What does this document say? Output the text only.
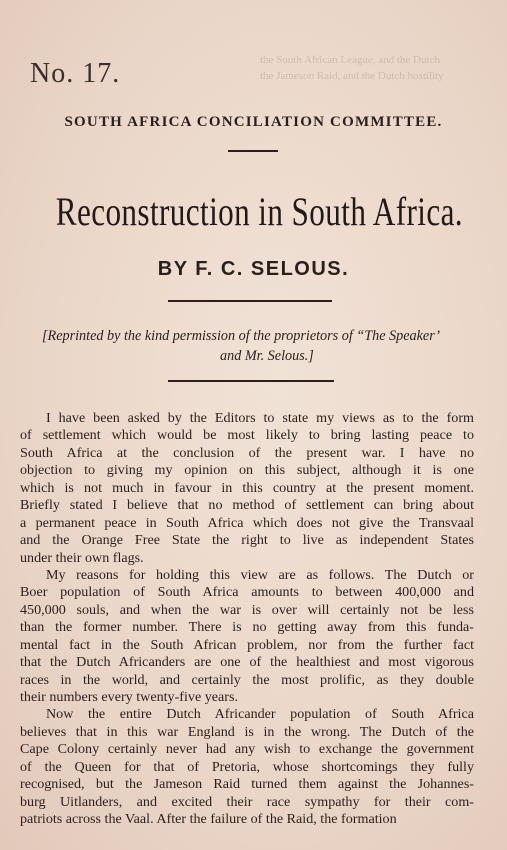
the South African League, and the Dutch
the Jameson Raid, and the Dutch hostility
No. 17.
SOUTH AFRICA CONCILIATION COMMITTEE.
Reconstruction in South Africa.
BY F. C. SELOUS.
[Reprinted by the kind permission of the proprietors of “The Speaker’
and Mr. Selous.]
I have been asked by the Editors to state my views as to the form
of settlement which would be most likely to bring lasting peace to
South Africa at the conclusion of the present war. I have no
objection to giving my opinion on this subject, although it is one
which is not much in favour in this country at the present moment.
Briefly stated I believe that no method of settlement can bring about
a permanent peace in South Africa which does not give the Transvaal
and the Orange Free State the right to live as independent States
under their own flags.
My reasons for holding this view are as follows. The Dutch or
Boer population of South Africa amounts to between 400,000 and
450,000 souls, and when the war is over will certainly not be less
than the former number. There is no getting away from this funda-
mental fact in the South African problem, nor from the further fact
that the Dutch Africanders are one of the healthiest and most vigorous
races in the world, and certainly the most prolific, as they double
their numbers every twenty-five years.
Now the entire Dutch Africander population of South Africa
believes that in this war England is in the wrong. The Dutch of the
Cape Colony certainly never had any wish to exchange the government
of the Queen for that of Pretoria, whose shortcomings they fully
recognised, but the Jameson Raid turned them against the Johannes-
burg Uitlanders, and excited their race sympathy for their com-
patriots across the Vaal. After the failure of the Raid, the formation
